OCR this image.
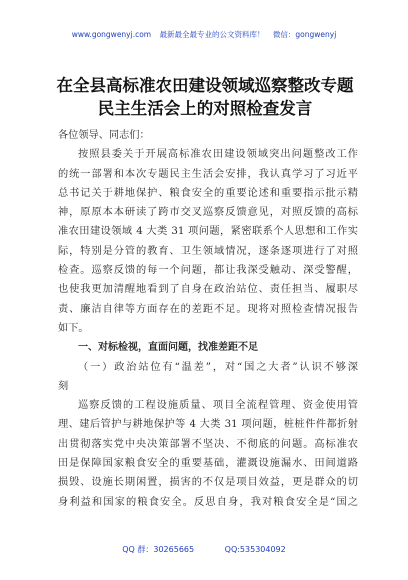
www.gongwenyj.com 最新最全最专业的公文资料库！ 微信：gongwenyj
在全县高标准农田建设领域巡察整改专题
民主生活会上的对照检查发言
各位领导、同志们：
按照县委关于开展高标准农田建设领域突出问题整改工作
的统一部署和本次专题民主生活会安排，我认真学习了习近平
总书记关于耕地保护、粮食安全的重要论述和重要指示批示精
神，原原本本研读了跨市交叉巡察反馈意见，对照反馈的高标
准农田建设领域 4 大类 31 项问题，紧密联系个人思想和工作实
际，特别是分管的教育、卫生领域情况，逐条逐项进行了对照
检查。巡察反馈的每一个问题，都让我深受触动、深受警醒，
也使我更加清醒地看到了自身在政治站位、责任担当、履职尽
责、廉洁自律等方面存在的差距不足。现将对照检查情况报告
如下。
一、对标检视，直面问题，找准差距不足
（一）政治站位有“温差”，对“国之大者”认识不够深
刻
巡察反馈的工程设施质量、项目全流程管理、资金使用管
理、建后管护与耕地保护等 4 大类 31 项问题，桩桩件件都折射
出贯彻落实党中央决策部署不坚决、不彻底的问题。高标准农
田是保障国家粮食安全的重要基础，灌溉设施漏水、田间道路
损毁、设施长期闲置，损害的不仅是项目效益，更是群众的切
身利益和国家的粮食安全。反思自身，我对粮食安全是“国之
QQ 群：30265665	QQ:535304092
